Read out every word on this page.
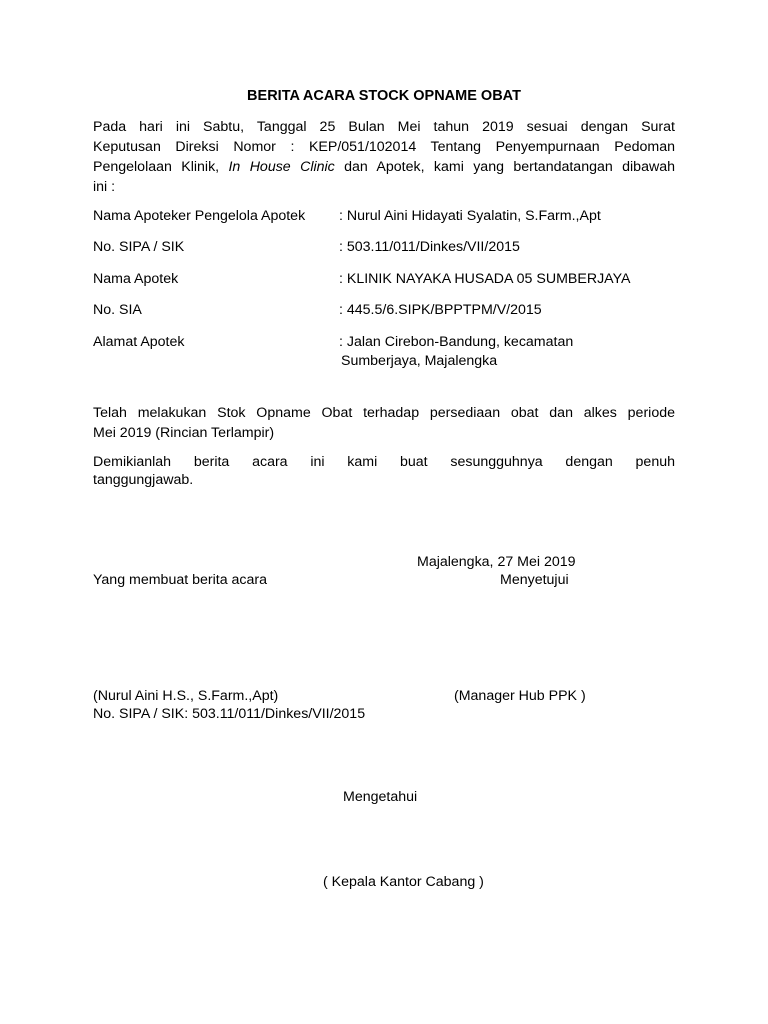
BERITA ACARA STOCK OPNAME OBAT
Pada hari ini Sabtu, Tanggal 25 Bulan Mei tahun 2019 sesuai dengan Surat
Keputusan Direksi Nomor : KEP/051/102014 Tentang Penyempurnaan Pedoman
Pengelolaan Klinik, In House Clinic dan Apotek, kami yang bertandatangan dibawah
ini :
Nama Apoteker Pengelola Apotek : Nurul Aini Hidayati Syalatin, S.Farm.,Apt
No. SIPA / SIK	: 503.11/011/Dinkes/VII/2015
Nama Apotek	: KLINIK NAYAKA HUSADA 05 SUMBERJAYA
No. SIA	: 445.5/6.SIPK/BPPTPM/V/2015
Alamat Apotek	: Jalan Cirebon-Bandung, kecamatan
Sumberjaya, Majalengka
Telah melakukan Stok Opname Obat terhadap persediaan obat dan alkes periode
Mei 2019 (Rincian Terlampir)
Demikianlah berita acara ini kami buat sesungguhnya dengan penuh
tanggungjawab.
Majalengka, 27 Mei 2019
Yang membuat berita acara	Menyetujui
(Nurul Aini H.S., S.Farm.,Apt)	(Manager Hub PPK )
No. SIPA / SIK: 503.11/011/Dinkes/VII/2015
Mengetahui
( Kepala Kantor Cabang )
